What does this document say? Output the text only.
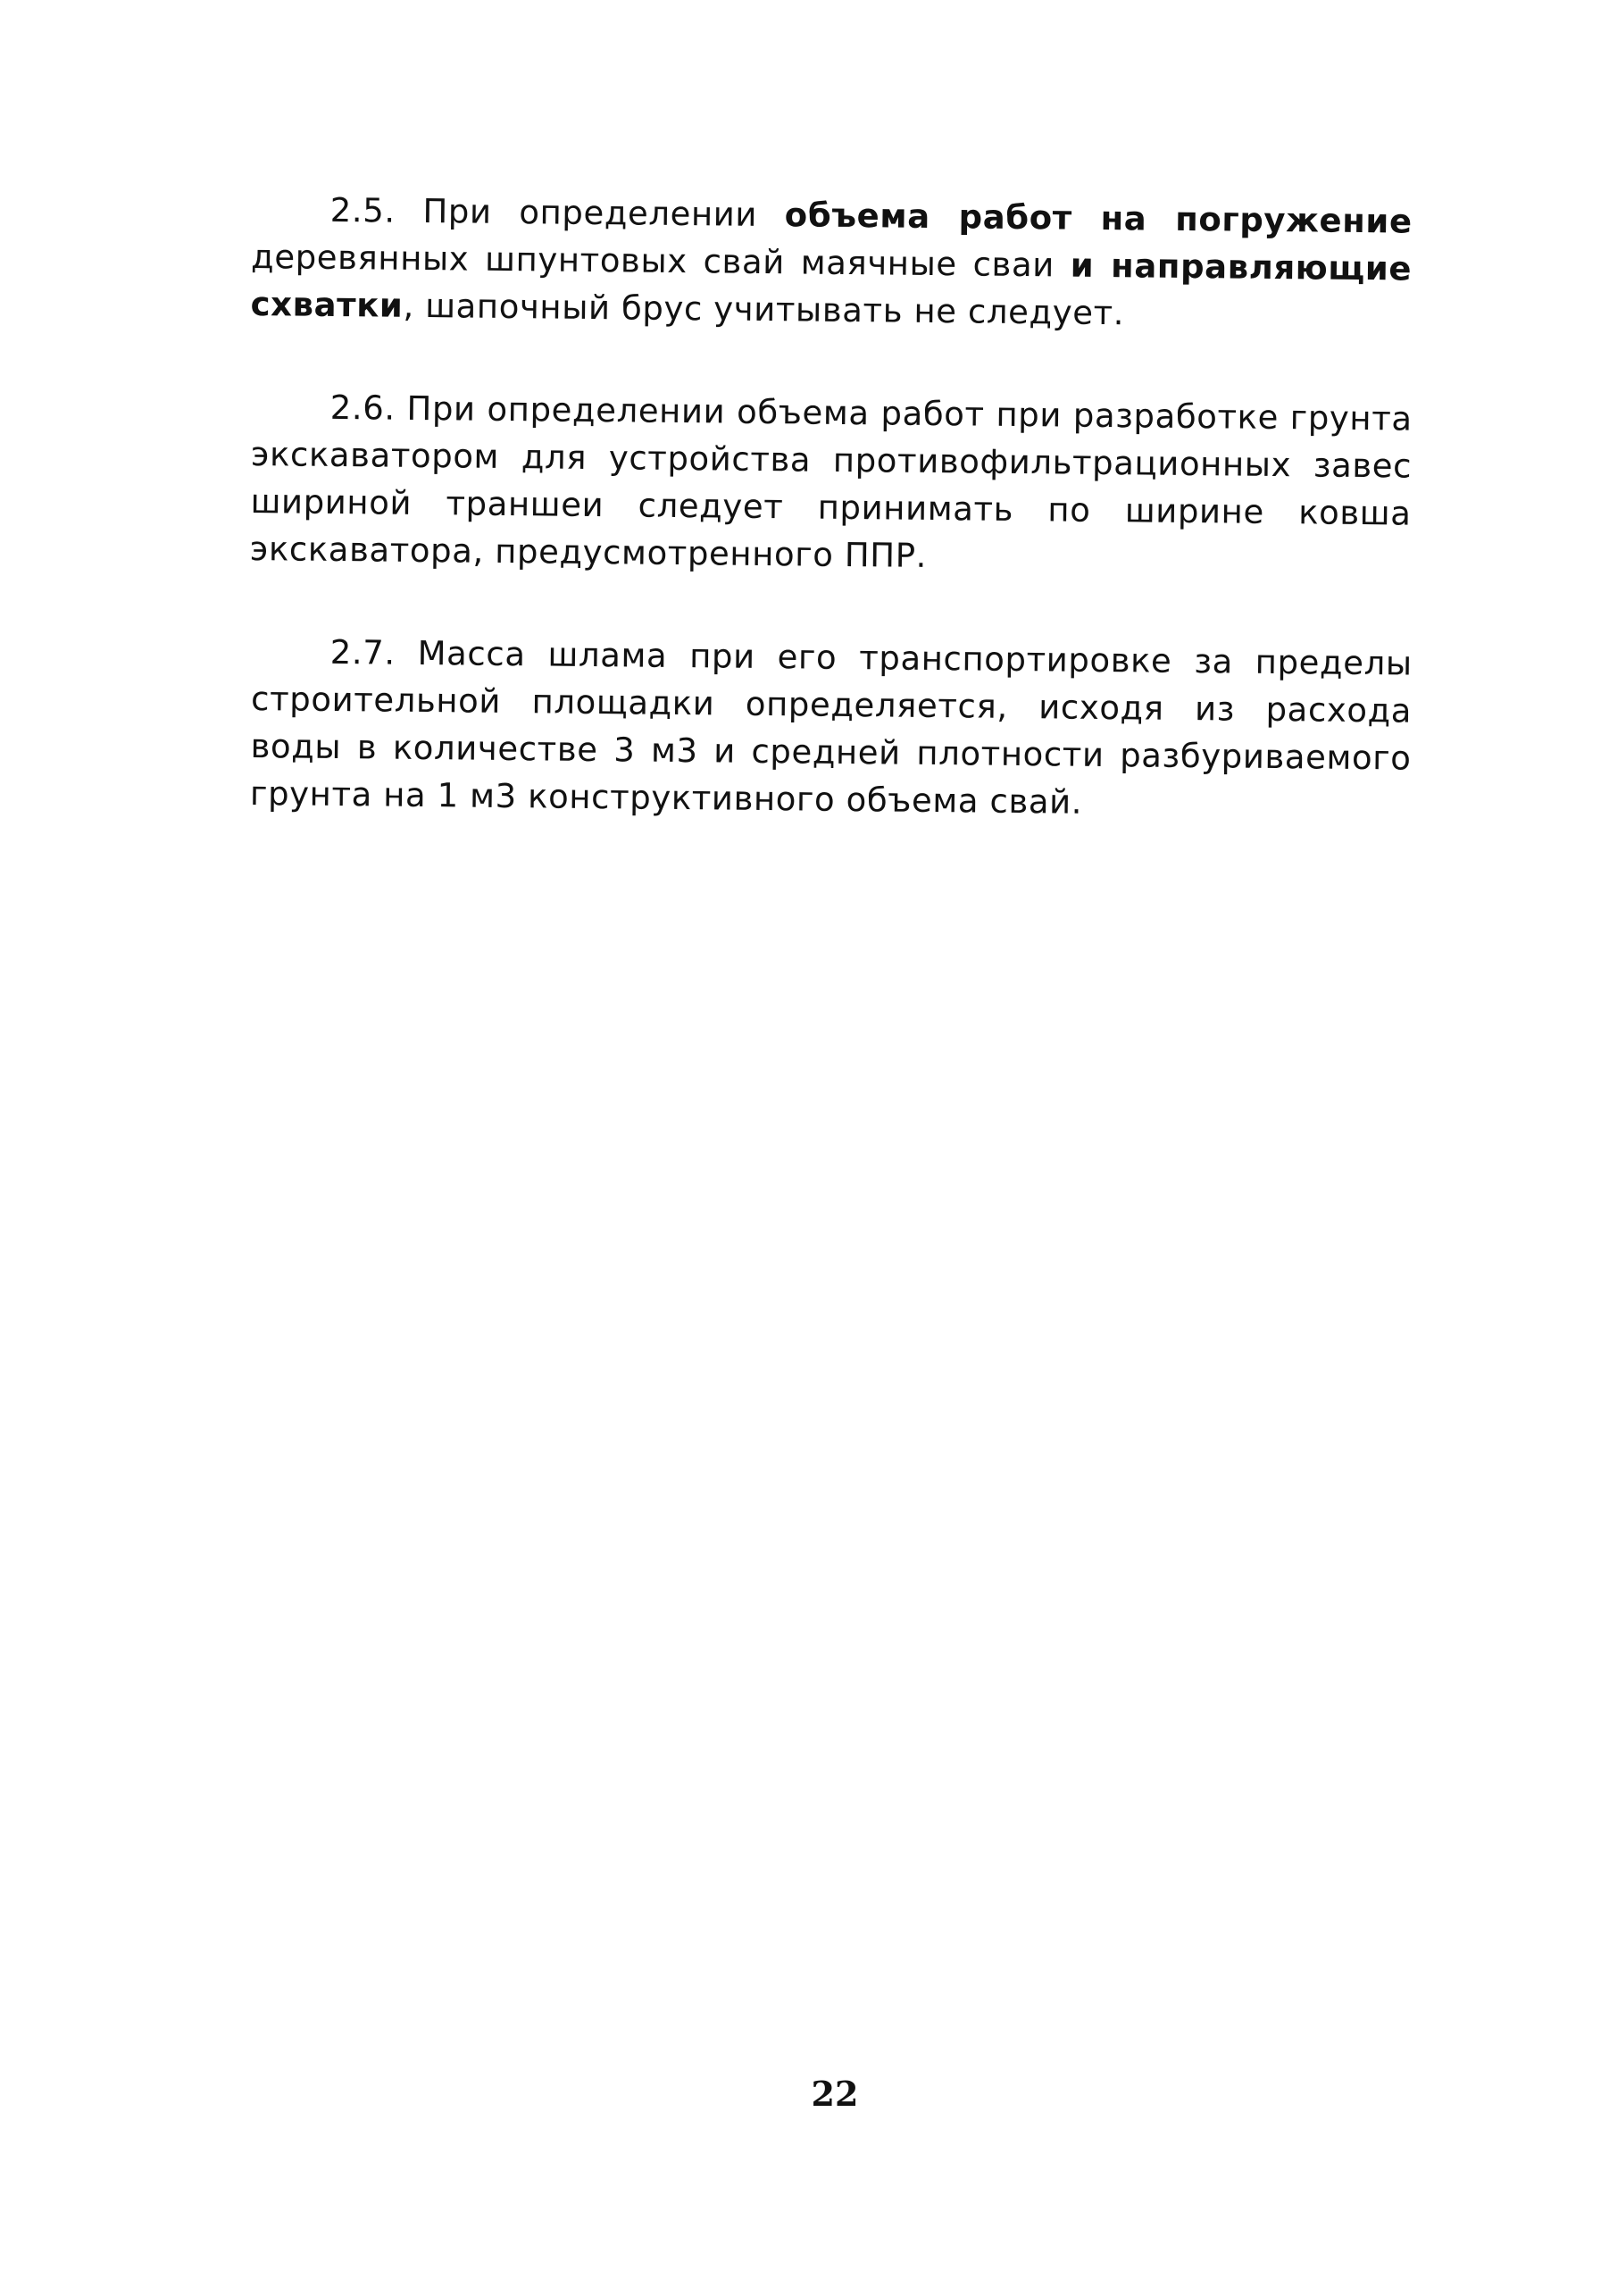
2.5. При определении объема работ на погружение деревянных шпунтовых свай маячные сваи и направляющие схватки, шапочный брус учитывать не следует.

2.6. При определении объема работ при разработке грунта экскаватором для устройства противофильтрационных завес шириной траншеи следует принимать по ширине ковша экскаватора, предусмотренного ППР.

2.7. Масса шлама при его транспортировке за пределы строительной площадки определяется, исходя из расхода воды в количестве 3 м3 и средней плотности разбуриваемого грунта на 1 м3 конструктивного объема свай.

22
